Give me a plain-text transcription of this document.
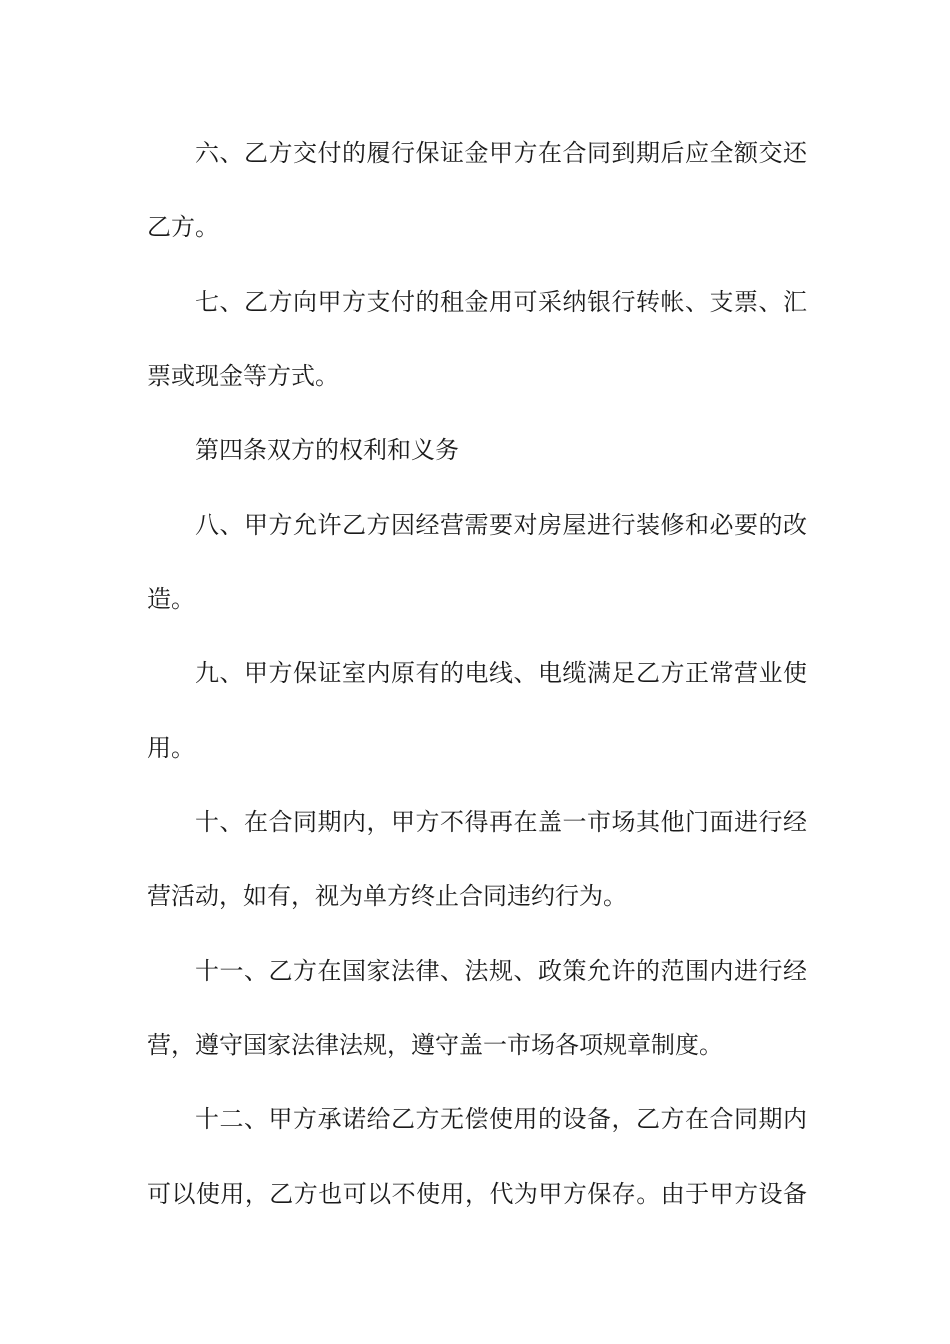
六、乙方交付的履行保证金甲方在合同到期后应全额交还
乙方。
七、乙方向甲方支付的租金用可采纳银行转帐、支票、汇
票或现金等方式。
第四条双方的权利和义务
八、甲方允许乙方因经营需要对房屋进行装修和必要的改
造。
九、甲方保证室内原有的电线、电缆满足乙方正常营业使
用。
十、在合同期内，甲方不得再在盖一市场其他门面进行经
营活动，如有，视为单方终止合同违约行为。
十一、乙方在国家法律、法规、政策允许的范围内进行经
营，遵守国家法律法规，遵守盖一市场各项规章制度。
十二、甲方承诺给乙方无偿使用的设备，乙方在合同期内
可以使用，乙方也可以不使用，代为甲方保存。由于甲方设备
